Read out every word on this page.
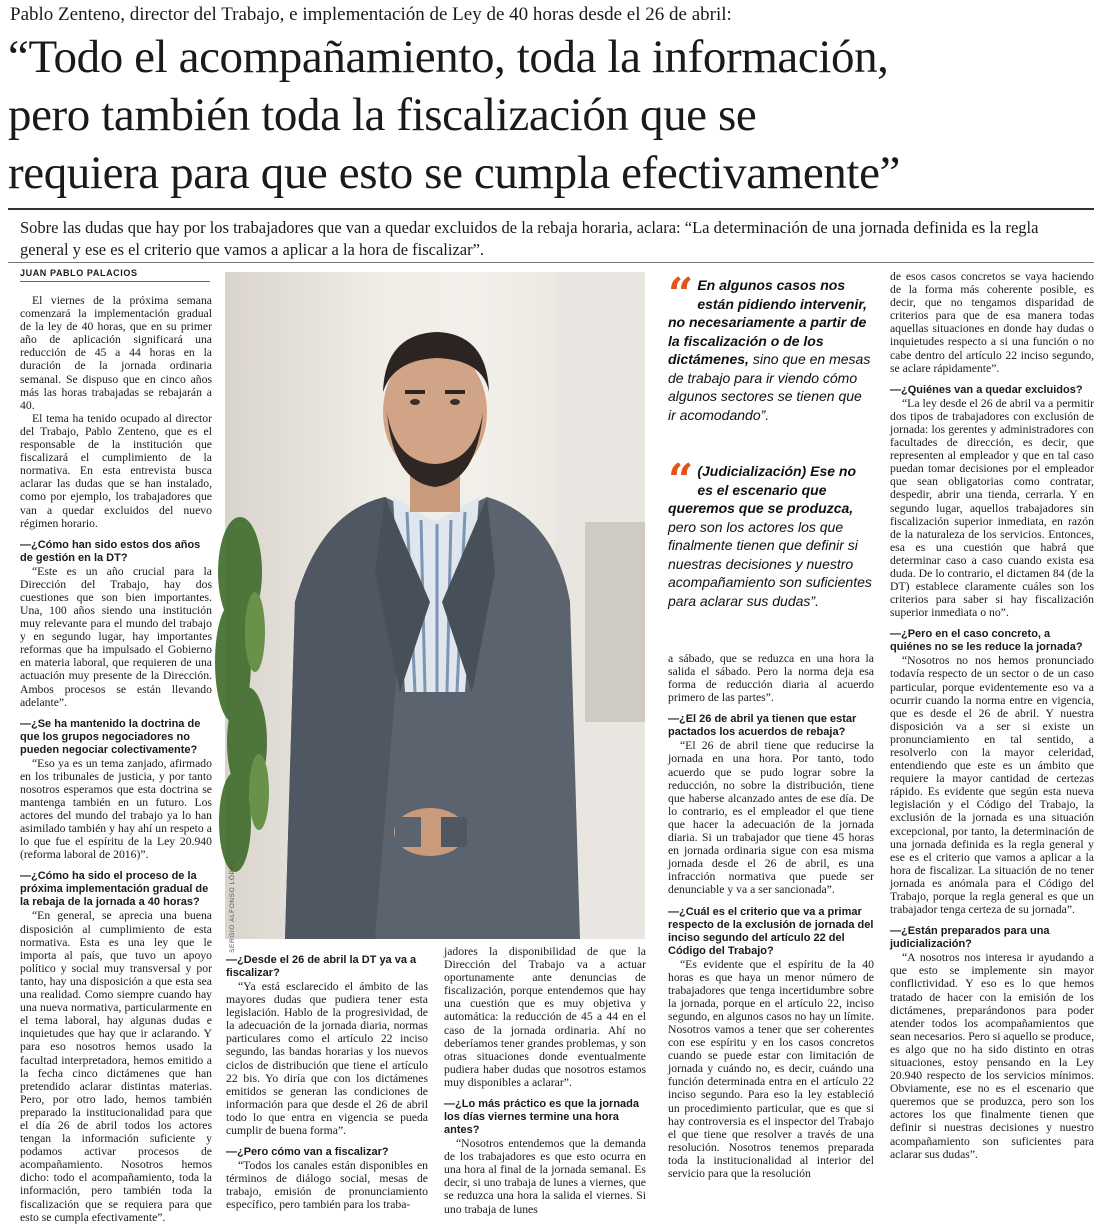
Pablo Zenteno, director del Trabajo, e implementación de Ley de 40 horas desde el 26 de abril:
“Todo el acompañamiento, toda la información,
pero también toda la fiscalización que se
requiera para que esto se cumpla efectivamente”
Sobre las dudas que hay por los trabajadores que van a quedar excluidos de la rebaja horaria, aclara: “La determinación de una jornada definida es la regla general y ese es el criterio que vamos a aplicar a la hora de fiscalizar”.
JUAN PABLO PALACIOS
SERGIO ALFONSO LÓPEZ

El viernes de la próxima semana comenzará la implementación gradual de la ley de 40 horas, que en su primer año de aplicación significará una reducción de 45 a 44 horas en la duración de la jornada ordinaria semanal. Se dispuso que en cinco años más las horas trabajadas se rebajarán a 40.

El tema ha tenido ocupado al director del Trabajo, Pablo Zenteno, que es el responsable de la institución que fiscalizará el cumplimiento de la normativa. En esta entrevista busca aclarar las dudas que se han instalado, como por ejemplo, los trabajadores que van a quedar excluidos del nuevo régimen horario.

—¿Cómo han sido estos dos años de gestión en la DT?

“Este es un año crucial para la Dirección del Trabajo, hay dos cuestiones que son bien importantes. Una, 100 años siendo una institución muy relevante para el mundo del trabajo y en segundo lugar, hay importantes reformas que ha impulsado el Gobierno en materia laboral, que requieren de una actuación muy presente de la Dirección. Ambos procesos se están llevando adelante”.

—¿Se ha mantenido la doctrina de que los grupos negociadores no pueden negociar colectivamente?

“Eso ya es un tema zanjado, afirmado en los tribunales de justicia, y por tanto nosotros esperamos que esta doctrina se mantenga también en un futuro. Los actores del mundo del trabajo ya lo han asimilado también y hay ahí un respeto a lo que fue el espíritu de la Ley 20.940 (reforma laboral de 2016)”.

—¿Cómo ha sido el proceso de la próxima implementación gradual de la rebaja de la jornada a 40 horas?

“En general, se aprecia una buena disposición al cumplimiento de esta normativa. Esta es una ley que le importa al país, que tuvo un apoyo político y social muy transversal y por tanto, hay una disposición a que esta sea una realidad. Como siempre cuando hay una nueva normativa, particularmente en el tema laboral, hay algunas dudas e inquietudes que hay que ir aclarando. Y para eso nosotros hemos usado la facultad interpretadora, hemos emitido a la fecha cinco dictámenes que han pretendido aclarar distintas materias. Pero, por otro lado, hemos también preparado la institucionalidad para que el día 26 de abril todos los actores tengan la información suficiente y podamos activar procesos de acompañamiento. Nosotros hemos dicho: todo el acompañamiento, toda la información, pero también toda la fiscalización que se requiera para que esto se cumpla efectivamente”.

—¿Desde el 26 de abril la DT ya va a fiscalizar?

“Ya está esclarecido el ámbito de las mayores dudas que pudiera tener esta legislación. Hablo de la progresividad, de la adecuación de la jornada diaria, normas particulares como el artículo 22 inciso segundo, las bandas horarias y los nuevos ciclos de distribución que tiene el artículo 22 bis. Yo diría que con los dictámenes emitidos se generan las condiciones de información para que desde el 26 de abril todo lo que entra en vigencia se pueda cumplir de buena forma”.

—¿Pero cómo van a fiscalizar?

“Todos los canales están disponibles en términos de diálogo social, mesas de trabajo, emisión de pronunciamiento específico, pero también para los traba-

jadores la disponibilidad de que la Dirección del Trabajo va a actuar oportunamente ante denuncias de fiscalización, porque entendemos que hay una cuestión que es muy objetiva y automática: la reducción de 45 a 44 en el caso de la jornada ordinaria. Ahí no deberíamos tener grandes problemas, y son otras situaciones donde eventualmente pudiera haber dudas que nosotros estamos muy disponibles a aclarar”.

—¿Lo más práctico es que la jornada los días viernes termine una hora antes?

“Nosotros entendemos que la demanda de los trabajadores es que esto ocurra en una hora al final de la jornada semanal. Es decir, si uno trabaja de lunes a viernes, que se reduzca una hora la salida el viernes. Si uno trabaja de lunes

“ En algunos casos nos están pidiendo intervenir, no necesariamente a partir de la fiscalización o de los dictámenes, sino que en mesas de trabajo para ir viendo cómo algunos sectores se tienen que ir acomodando”.
“ (Judicialización) Ese no es el escenario que queremos que se produzca, pero son los actores los que finalmente tienen que definir si nuestras decisiones y nuestro acompañamiento son suficientes para aclarar sus dudas”.

a sábado, que se reduzca en una hora la salida el sábado. Pero la norma deja esa forma de reducción diaria al acuerdo primero de las partes”.

—¿El 26 de abril ya tienen que estar pactados los acuerdos de rebaja?

“El 26 de abril tiene que reducirse la jornada en una hora. Por tanto, todo acuerdo que se pudo lograr sobre la reducción, no sobre la distribución, tiene que haberse alcanzado antes de ese día. De lo contrario, es el empleador el que tiene que hacer la adecuación de la jornada diaria. Si un trabajador que tiene 45 horas en jornada ordinaria sigue con esa misma jornada desde el 26 de abril, es una infracción normativa que puede ser denunciable y va a ser sancionada”.

—¿Cuál es el criterio que va a primar respecto de la exclusión de jornada del inciso segundo del artículo 22 del Código del Trabajo?

“Es evidente que el espíritu de la 40 horas es que haya un menor número de trabajadores que tenga incertidumbre sobre la jornada, porque en el artículo 22, inciso segundo, en algunos casos no hay un límite. Nosotros vamos a tener que ser coherentes con ese espíritu y en los casos concretos cuando se puede estar con limitación de jornada y cuándo no, es decir, cuándo una función determinada entra en el artículo 22 inciso segundo. Para eso la ley estableció un procedimiento particular, que es que si hay controversia es el inspector del Trabajo el que tiene que resolver a través de una resolución. Nosotros tenemos preparada toda la institucionalidad al interior del servicio para que la resolución

de esos casos concretos se vaya haciendo de la forma más coherente posible, es decir, que no tengamos disparidad de criterios para que de esa manera todas aquellas situaciones en donde hay dudas o inquietudes respecto a si una función o no cabe dentro del artículo 22 inciso segundo, se aclare rápidamente”.

—¿Quiénes van a quedar excluidos?

“La ley desde el 26 de abril va a permitir dos tipos de trabajadores con exclusión de jornada: los gerentes y administradores con facultades de dirección, es decir, que representen al empleador y que en tal caso puedan tomar decisiones por el empleador que sean obligatorias como contratar, despedir, abrir una tienda, cerrarla. Y en segundo lugar, aquellos trabajadores sin fiscalización superior inmediata, en razón de la naturaleza de los servicios. Entonces, esa es una cuestión que habrá que determinar caso a caso cuando exista esa duda. De lo contrario, el dictamen 84 (de la DT) establece claramente cuáles son los criterios para saber si hay fiscalización superior inmediata o no”.

—¿Pero en el caso concreto, a quiénes no se les reduce la jornada?

“Nosotros no nos hemos pronunciado todavía respecto de un sector o de un caso particular, porque evidentemente eso va a ocurrir cuando la norma entre en vigencia, que es desde el 26 de abril. Y nuestra disposición va a ser si existe un pronunciamiento en tal sentido, a resolverlo con la mayor celeridad, entendiendo que este es un ámbito que requiere la mayor cantidad de certezas rápido. Es evidente que según esta nueva legislación y el Código del Trabajo, la exclusión de la jornada es una situación excepcional, por tanto, la determinación de una jornada definida es la regla general y ese es el criterio que vamos a aplicar a la hora de fiscalizar. La situación de no tener jornada es anómala para el Código del Trabajo, porque la regla general es que un trabajador tenga certeza de su jornada”.

—¿Están preparados para una judicialización?

“A nosotros nos interesa ir ayudando a que esto se implemente sin mayor conflictividad. Y eso es lo que hemos tratado de hacer con la emisión de los dictámenes, preparándonos para poder atender todos los acompañamientos que sean necesarios. Pero si aquello se produce, es algo que no ha sido distinto en otras situaciones, estoy pensando en la Ley 20.940 respecto de los servicios mínimos. Obviamente, ese no es el escenario que queremos que se produzca, pero son los actores los que finalmente tienen que definir si nuestras decisiones y nuestro acompañamiento son suficientes para aclarar sus dudas”.
